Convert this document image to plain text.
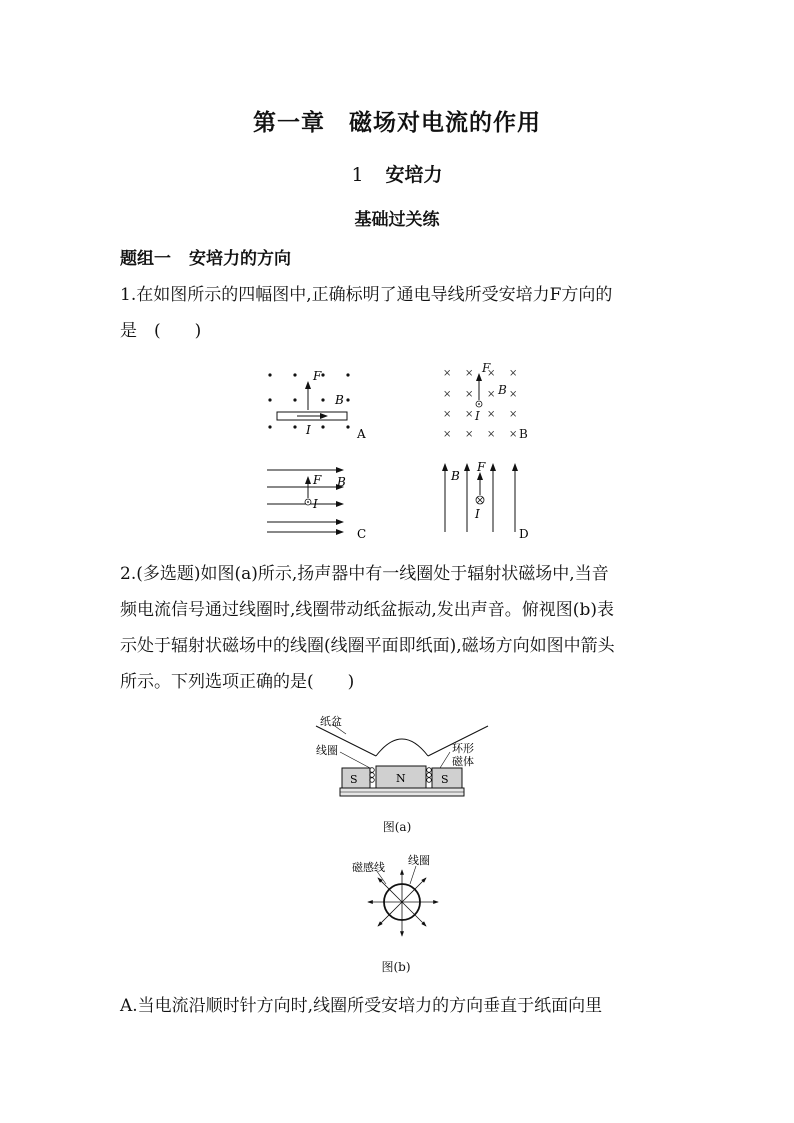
第一章　磁场对电流的作用
1 安培力
基础过关练
题组一 安培力的方向
1.在如图所示的四幅图中,正确标明了通电导线所受安培力F方向的
是　(　　)
F
B
I	A
× × × ×
× × × ×
× × × ×
× × × ×
F
B
I
B
F B
I
C
F
B
I
D
2.(多选题)如图(a)所示,扬声器中有一线圈处于辐射状磁场中,当音
频电流信号通过线圈时,线圈带动纸盆振动,发出声音。俯视图(b)表
示处于辐射状磁场中的线圈(线圈平面即纸面),磁场方向如图中箭头
所示。下列选项正确的是(　　)
纸盆
线圈	环形
磁体
S	N	S
图(a)
磁感线
线圈
图(b)
A.当电流沿顺时针方向时,线圈所受安培力的方向垂直于纸面向里
